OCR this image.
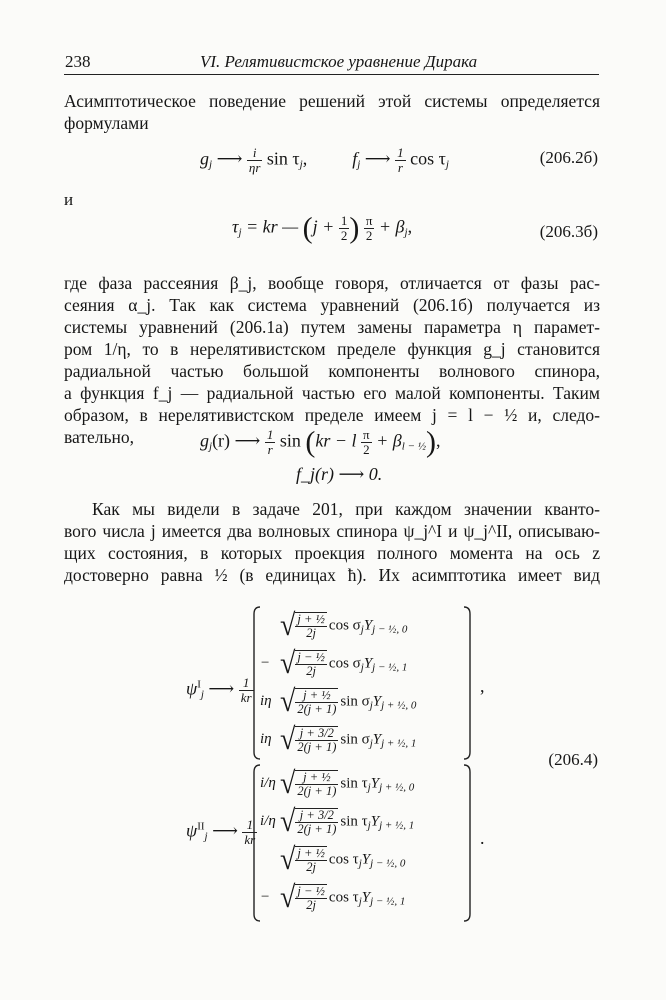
238	VI. Релятивистское уравнение Дирака
Асимптотическое поведение решений этой системы определяется
формулами
$g_j$ ⟶ $\frac{i}{\eta r}$ $\sin \tau_j$,  $f_j$ ⟶ $\frac{1}{r}$ $\cos \tau_j$	(206.2б)
и
$\tau_j$ = kr — ($j + \frac{1}{2}$ ) $\frac{\pi}{2} + \beta_j$,	(206.3б)
где фаза рассеяния β_j, вообще говоря, отличается от фазы рас-
сеяния α_j. Так как система уравнений (206.1б) получается из
системы уравнений (206.1а) путем замены параметра η парамет-
ром 1/η, то в нерелятивистском пределе функция g_j становится
радиальной частью большой компоненты волнового спинора,
а функция f_j — радиальной частью его малой компоненты. Таким
образом, в нерелятивистском пределе имеем j = l − ½ и, следо-
вательно,	$g_j(r)$ ⟶ $\frac{1}{r}$ sin (kr − l $\frac{\pi}{2} + \beta_{l - \frac{1}{2}}$),
f_j(r) ⟶ 0.
Как мы видели в задаче 201, при каждом значении кванто-
вого числа j имеется два волновых спинора ψ_j^I и ψ_j^II, описываю-
щих состояния, в которых проекция полного момента на ось z
достоверно равна ½ (в единицах ħ). Их асимптотика имеет вид
$\psi^I_j$ ⟶ $\frac{1}{kr}$	,
√ $\frac{\text{j + ½}}{2j}$ $\cos \sigma_jY_{j - \frac{1}{2}, 0}$
− √ $\frac{\text{j − ½}}{2j}$ $\cos \sigma_jY_{j - \frac{1}{2}, 1}$
iη √ $\frac{\text{j + ½}}{2(j + 1)}$ $\sin \sigma_jY_{j + \frac{1}{2}, 0}$
iη √ $\frac{j + 3/2}{2(j + 1)}$ $\sin \sigma_jY_{j + \frac{1}{2}, 1}$
$\psi^{II}_j$ ⟶ $\frac{1}{kr}$	.
i/η √ $\frac{\text{j + ½}}{2(j + 1)}$ $\sin \tau_jY_{j + \frac{1}{2}, 0}$
i/η √ $\frac{j + 3/2}{2(j + 1)}$ $\sin \tau_jY_{j + \frac{1}{2}, 1}$
√ $\frac{\text{j + ½}}{2j}$ $\cos \tau_jY_{j - \frac{1}{2}, 0}$
− √ $\frac{\text{j − ½}}{2j}$ $\cos \tau_jY_{j - \frac{1}{2}, 1}$
(206.4)
